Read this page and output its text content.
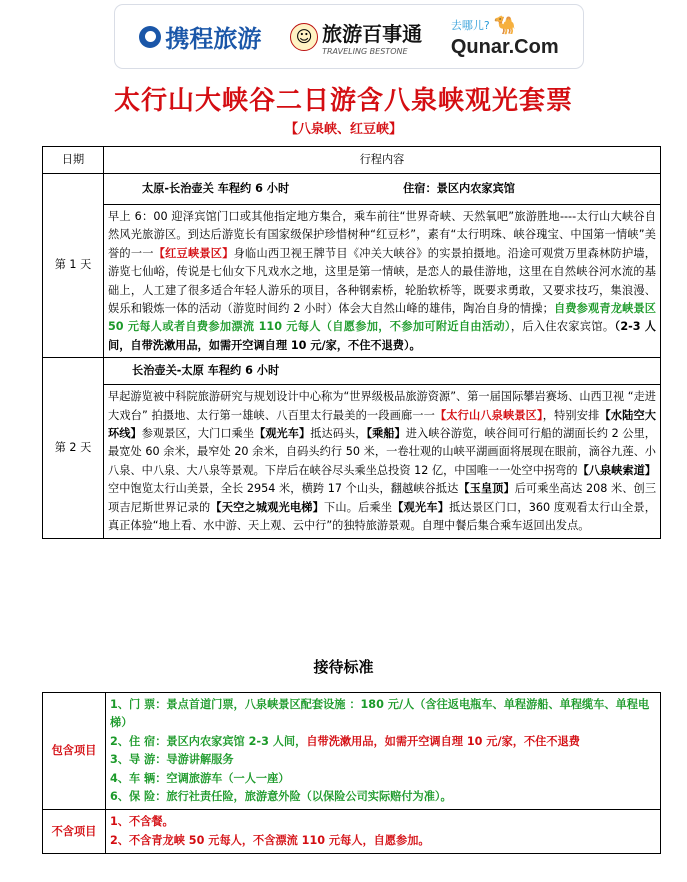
携程旅游	☺ 旅游百事通
TRAVELING BESTONE
去哪儿? 🐪
Qunar.Com
太行山大峡谷二日游含八泉峡观光套票
【八泉峡、红豆峡】
日期	行程内容
第 1 天	太原-长治壶关 车程约 6 小时 住宿：景区内农家宾馆
	早上 6：00 迎泽宾馆门口或其他指定地方集合，乘车前往“世界奇峡、天然氧吧”旅游胜地----太行山大峡谷自然风光旅游区。到达后游览长有国家级保护珍惜树种“红豆杉”，素有“太行明珠、峡谷瑰宝、中国第一情峡”美誉的一一【红豆峡景区】身临山西卫视王牌节目《冲关大峡谷》的实景拍摄地。沿途可观赏万里森林防护墙，游览七仙峪，传说是七仙女下凡戏水之地，这里是第一情峡，是恋人的最佳游地，这里在自然峡谷河水流的基础上，人工建了很多适合年轻人游乐的项目，各种钢索桥，轮胎软桥等，既要求勇敢，又要求技巧，集浪漫、娱乐和锻炼一体的活动（游览时间约 2 小时）体会大自然山峰的雄伟，陶冶自身的情操；自费参观青龙峡景区 50 元每人或者自费参加漂流 110 元每人（自愿参加，不参加可附近自由活动），后入住农家宾馆。（2-3 人间，自带洗漱用品，如需开空调自理 10 元/家，不住不退费）。
第 2 天	长治壶关-太原 车程约 6 小时
	早起游览被中科院旅游研究与规划设计中心称为“世界级极品旅游资源”、第一届国际攀岩赛场、山西卫视 “走进大戏台” 拍摄地、太行第一雄峡、八百里太行最美的一段画廊一一【太行山八泉峡景区】，特别安排【水陆空大环线】参观景区，大门口乘坐【观光车】抵达码头，【乘船】进入峡谷游览，峡谷间可行船的湖面长约 2 公里，最宽处 60 余米，最窄处 20 余米，自码头约行 50 米，一卷壮观的山峡平湖画面将展现在眼前，滴谷九莲、小八泉、中八泉、大八泉等景观。下岸后在峡谷尽头乘坐总投资 12 亿，中国唯一一处空中拐弯的【八泉峡索道】空中饱览太行山美景，全长 2954 米，横跨 17 个山头，翻越峡谷抵达【玉皇顶】后可乘坐高达 208 米、创三项吉尼斯世界记录的【天空之城观光电梯】下山。后乘坐【观光车】抵达景区门口，360 度观看太行山全景，真正体验“地上看、水中游、天上观、云中行”的独特旅游景观。自理中餐后集合乘车返回出发点。
接待标准
包含项目	1、门 票：景点首道门票，八泉峡景区配套设施 ：180 元/人（含往返电瓶车、单程游船、单程缆车、单程电梯）
2、住 宿：景区内农家宾馆 2-3 人间，自带洗漱用品，如需开空调自理 10 元/家，不住不退费
3、导 游：导游讲解服务
4、车 辆：空调旅游车（一人一座）
6、保 险：旅行社责任险，旅游意外险（以保险公司实际赔付为准）。

不含项目	1、不含餐。
2、不含青龙峡 50 元每人，不含漂流 110 元每人，自愿参加。
